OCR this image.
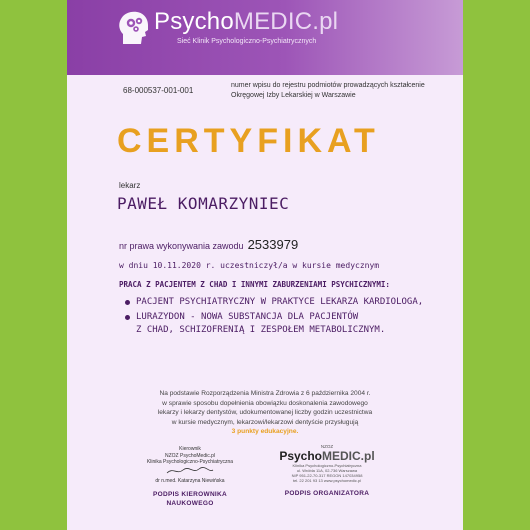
PsychoMEDIC.pl
Sieć Klinik Psychologiczno-Psychiatrycznych
68-000537-001-001
numer wpisu do rejestru podmiotów prowadzących kształcenie Okręgowej Izby Lekarskiej w Warszawie
CERTYFIKAT
lekarz
PAWEŁ KOMARZYNIEC
nr prawa wykonywania zawodu 2533979
w dniu 10.11.2020 r. uczestniczył/a w kursie medycznym
PRACA Z PACJENTEM Z CHAD I INNYMI ZABURZENIAMI PSYCHICZNYMI:
PACJENT PSYCHIATRYCZNY W PRAKTYCE LEKARZA KARDIOLOGA,
LURAZYDON - NOWA SUBSTANCJA DLA PACJENTÓW
Z CHAD, SCHIZOFRENIĄ I ZESPOŁEM METABOLICZNYM.
Na podstawie Rozporządzenia Ministra Zdrowia z 6 października 2004 r.
w sprawie sposobu dopełnienia obowiązku doskonalenia zawodowego
lekarzy i lekarzy dentystów, udokumentowanej liczby godzin uczestnictwa
w kursie medycznym, lekarzowi/lekarzowi dentyście przysługują
3 punkty edukacyjne.
Kierownik
NZOZ PsychoMedic.pl
Klinika Psychologiczno-Psychiatryczna
dr n.med. Katarzyna Niewińska
NZOZ
PsychoMEDIC.pl
Klinika Psychologiczno-Psychiatryczna
ul. Wróbla 11A, 02-736 Warszawa
NIP 951-22-70-317 REGON 147034958
tel. 22 201 93 13 www.psychomedic.pl
PODPIS KIEROWNIKA
NAUKOWEGO
PODPIS ORGANIZATORA
